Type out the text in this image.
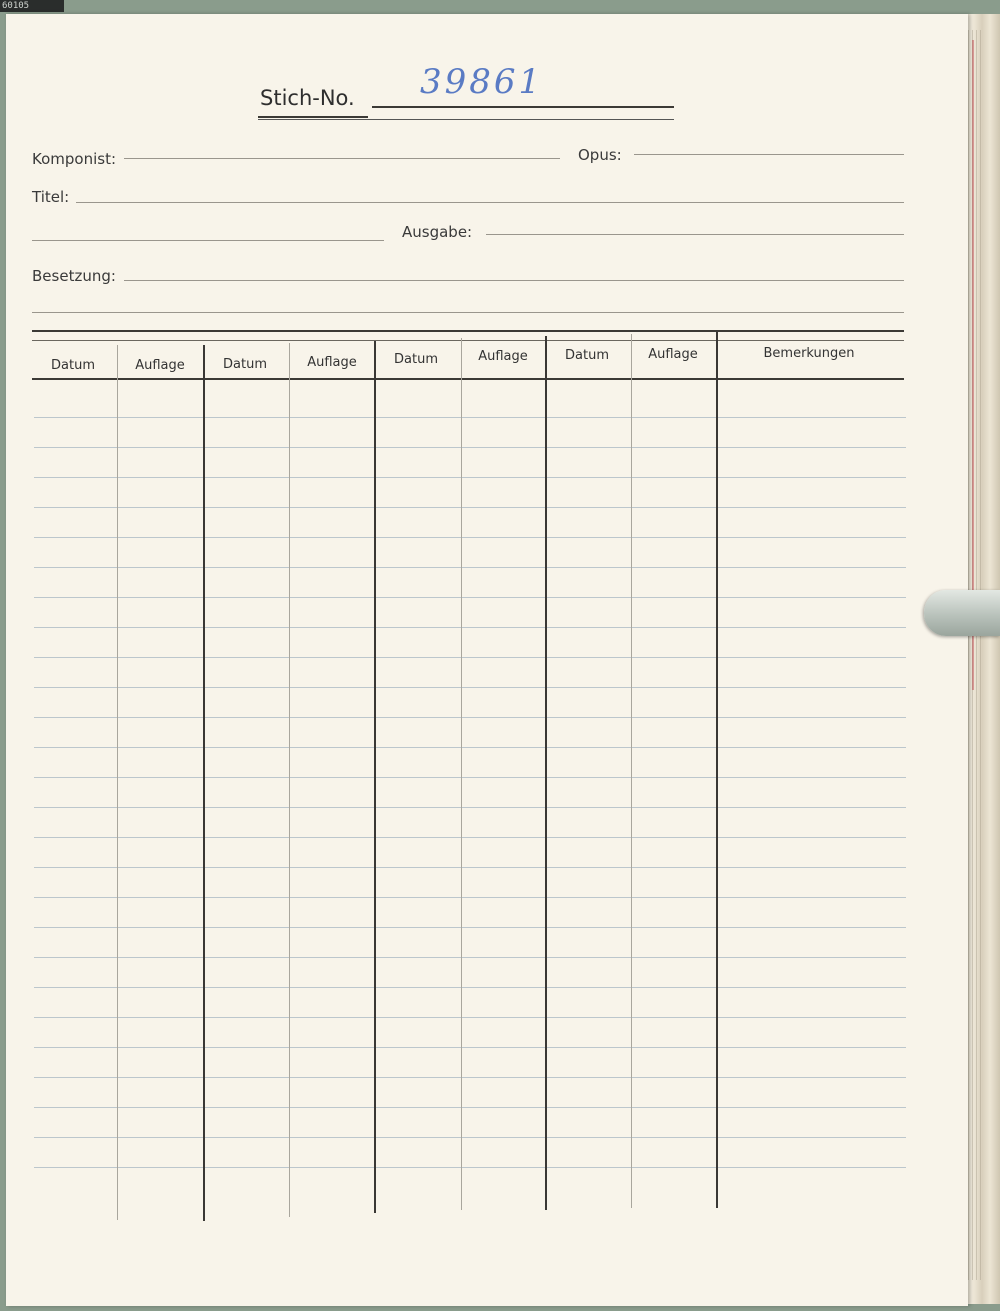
60105
Stich-No. 39861
Komponist:	Opus:
Titel:
Ausgabe:
Besetzung:
Datum	Auflage	Datum	Auflage	Datum	Auflage	Datum	Auflage	Bemerkungen
